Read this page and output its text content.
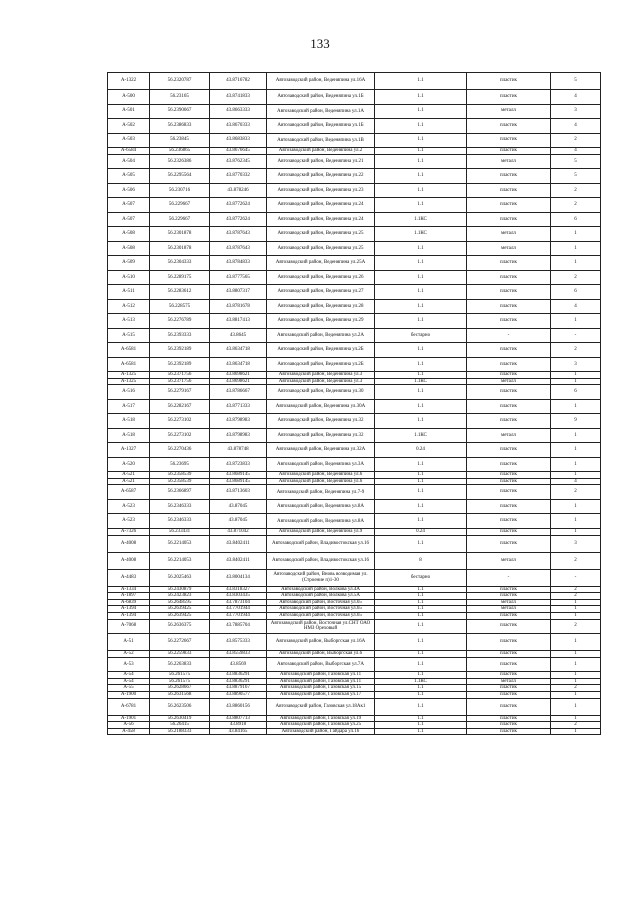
133
А-1322	56.2320787	43.8716782	Автозаводский район, Веденяпина ул.16А	1.1	пластик	5
А-500	56.23165	43.8741833	Автозаводский район, Веденяпина ул.1Б	1.1	пластик	4
А-501	56.2390667	43.8663333	Автозаводский район, Веденяпина ул.1А	1.1	металл	3
А-502	56.2386833	43.8670333	Автозаводский район, Веденяпина ул.1Б	1.1	пластик	4
А-503	56.23845	43.8683833	Автозаводский район, Веденяпина ул.1В	1.1	пластик	2
А-6584	56.236865	43.8676645	Автозаводский район, Веденяпина ул.2	1.1	пластик	4
А-504	56.2326386	43.8762345	Автозаводский район, Веденяпина ул.21	1.1	металл	5
А-505	56.2295564	43.8770332	Автозаводский район, Веденяпина ул.22	1.1	пластик	5
А-506	56.230716	43.878246	Автозаводский район, Веденяпина ул.23	1.1	пластик	2
А-507	56.229667	43.8772624	Автозаводский район, Веденяпина ул.24	1.1	пластик	2
А-507	56.229667	43.8772624	Автозаводский район, Веденяпина ул.24	1.1КС	пластик	6
А-508	56.2301878	43.8787643	Автозаводский район, Веденяпина ул.25	1.1КС	металл	1
А-508	56.2301878	43.8787643	Автозаводский район, Веденяпина ул.25	1.1	металл	1
А-509	56.2304333	43.8784833	Автозаводский район, Веденяпина ул.25А	1.1	пластик	1
А-510	56.2289175	43.8777565	Автозаводский район, Веденяпина ул.26	1.1	пластик	2
А-511	56.2283612	43.8807317	Автозаводский район, Веденяпина ул.27	1.1	пластик	6
А-512	56.228575	43.8781678	Автозаводский район, Веденяпина ул.28	1.1	пластик	4
А-513	56.2276789	43.8817413	Автозаводский район, Веденяпина ул.29	1.1	пластик	1
А-515	56.2393333	43.8645	Автозаводский район, Веденяпина ул.2А	бестарно	-	-
А-6581	56.2392189	43.8634718	Автозаводский район, Веденяпина ул.2Б	1.1	пластик	2
А-6581	56.2392189	43.8634718	Автозаводский район, Веденяпина ул.2Б	1.1	пластик	3
А-1325	56.2371756	43.8698621	Автозаводский район, Веденяпина ул.3	1.1	пластик	1
А-1325	56.2371756	43.8698621	Автозаводский район, Веденяпина ул.3	1.1КС	металл	1
А-516	56.2279167	43.8786667	Автозаводский район, Веденяпина ул.30	1.1	пластик	6
А-517	56.2282167	43.8771333	Автозаводский район, Веденяпина ул.30А	1.1	пластик	1
А-518	56.2273102	43.8798983	Автозаводский район, Веденяпина ул.32	1.1	пластик	9
А-518	56.2273102	43.8798983	Автозаводский район, Веденяпина ул.32	1.1КС	металл	1
А-1327	56.2270436	43.878748	Автозаводский район, Веденяпина ул.32А	0.24	пластик	1
А-520	56.23695	43.8723833	Автозаводский район, Веденяпина ул.3А	1.1	пластик	1
А-521	56.2358539	43.8689145	Автозаводский район, Веденяпина ул.6	1.1	пластик	1
А-521	56.2358539	43.8689145	Автозаводский район, Веденяпина ул.6	1.1	пластик	4
А-6587	56.2366897	43.8713603	Автозаводский район, Веденяпина ул.7-9	1.1	пластик	2
А-523	56.2346333	43.87045	Автозаводский район, Веденяпина ул.8А	1.1	пластик	1
А-523	56.2346333	43.87045	Автозаводский район, Веденяпина ул.8А	1.1	пластик	1
А-7326	56.233431	43.871042	Автозаводский район, Веденяпина ул.9	0.24	пластик	1
А-4008	56.2214053	43.8402411	Автозаводский район, Владивостокская ул.16	1.1	пластик	3
А-4008	56.2214053	43.8402411	Автозаводский район, Владивостокская ул.16	8	металл	2
А-4483	56.2025463	43.8004134	Автозаводский район, Вновь возводимая ул. (Строение п)1-30	бестарно	-	-
А-1334	56.2430879	43.8318327	Автозаводский район, Волкова ул.4А	1.1	пластик	2
А-1897	56.2423823	43.8303435	Автозаводский район, Волкова ул.5А	1.1	пластик	2
А-6839	56.2648595	43.7873104	Автозаводский район, Восточная ул.65	1.1	металл	1
А-1394	56.2639425	43.7701944	Автозаводский район, Восточная ул.65	1.1	металл	1
А-1394	56.2639425	43.7701944	Автозаводский район, Восточная ул.65	1.1	пластик	1
А-7068	56.2636375	43.7885704	Автозаводский район, Восточная ул.СНТ ОАО НМЗ Ореховый	1.1	пластик	2
А-51	56.2272667	43.8575333	Автозаводский район, Выборгская ул.16А	1.1	пластик	1
А-52	56.2259833	43.8559833	Автозаводский район, Выборгская ул.6	1.1	пластик	1
А-53	56.2263833	43.8569	Автозаводский район, Выборгская ул.7А	1.1	пластик	1
А-54	56.261575	43.8836291	Автозаводский район, Газовская ул.11	1.1	пластик	1
А-54	56.261575	43.8836291	Автозаводский район, Газовская ул.11	1.1КС	металл	1
А-55	56.2628667	43.8879167	Автозаводский район, Газовская ул.15	1.1	пластик	2
А-1900	56.2631568	43.8890577	Автозаводский район, Газовская ул.17	1.1	пластик	1
А-6781	56.2623506	43.8860156	Автозаводский район, Газовская ул.18Ак1	1.1	пластик	1
А-1901	56.2630419	43.8807713	Автозаводский район, Газовская ул.19	1.1	пластик	1
А-56	56.26415	43.8918	Автозаводский район, Газовская ул.25	1.1	пластик	2
А-458	56.2188333	43.84165	Автозаводский район, Гайдара ул.16	1.1	пластик	1
